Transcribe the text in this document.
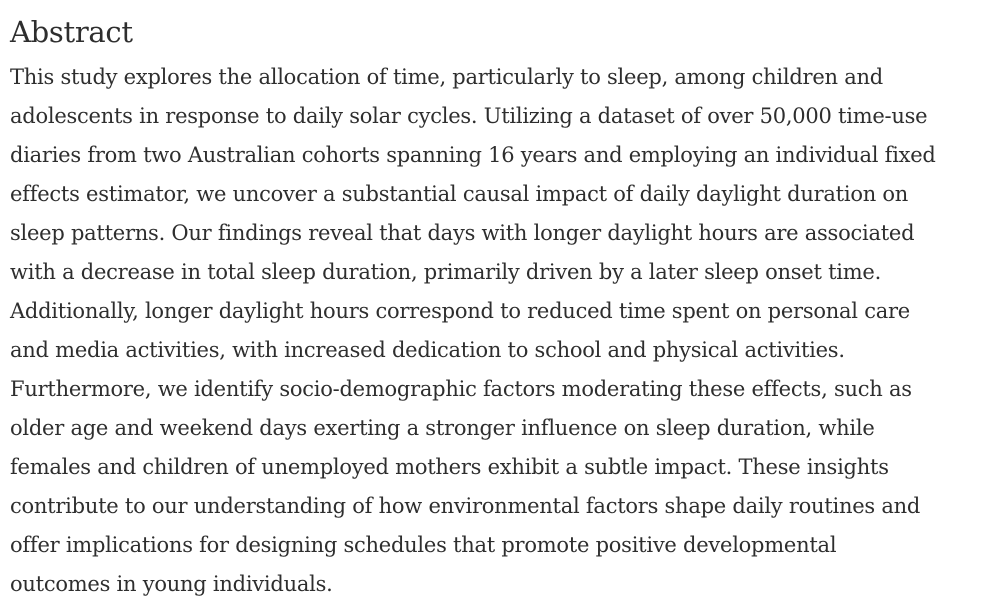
Abstract

This study explores the allocation of time, particularly to sleep, among children and
adolescents in response to daily solar cycles. Utilizing a dataset of over 50,000 time-use
diaries from two Australian cohorts spanning 16 years and employing an individual fixed
effects estimator, we uncover a substantial causal impact of daily daylight duration on
sleep patterns. Our findings reveal that days with longer daylight hours are associated
with a decrease in total sleep duration, primarily driven by a later sleep onset time.
Additionally, longer daylight hours correspond to reduced time spent on personal care
and media activities, with increased dedication to school and physical activities.
Furthermore, we identify socio-demographic factors moderating these effects, such as
older age and weekend days exerting a stronger influence on sleep duration, while
females and children of unemployed mothers exhibit a subtle impact. These insights
contribute to our understanding of how environmental factors shape daily routines and
offer implications for designing schedules that promote positive developmental
outcomes in young individuals.
